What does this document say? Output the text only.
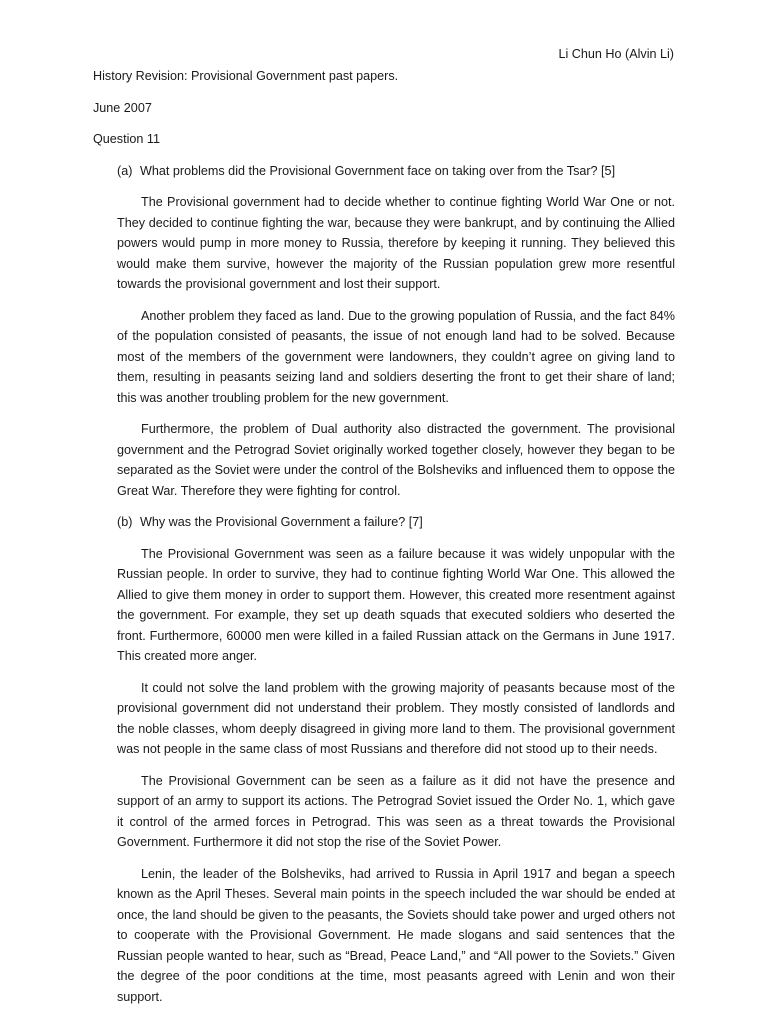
Li Chun Ho (Alvin Li)

History Revision: Provisional Government past papers.

June 2007

Question 11

(a) What problems did the Provisional Government face on taking over from the Tsar? [5]

The Provisional government had to decide whether to continue fighting World War One or not. They decided to continue fighting the war, because they were bankrupt, and by continuing the Allied powers would pump in more money to Russia, therefore by keeping it running. They believed this would make them survive, however the majority of the Russian population grew more resentful towards the provisional government and lost their support.

Another problem they faced as land. Due to the growing population of Russia, and the fact 84% of the population consisted of peasants, the issue of not enough land had to be solved. Because most of the members of the government were landowners, they couldn’t agree on giving land to them, resulting in peasants seizing land and soldiers deserting the front to get their share of land; this was another troubling problem for the new government.

Furthermore, the problem of Dual authority also distracted the government. The provisional government and the Petrograd Soviet originally worked together closely, however they began to be separated as the Soviet were under the control of the Bolsheviks and influenced them to oppose the Great War. Therefore they were fighting for control.

(b) Why was the Provisional Government a failure? [7]

The Provisional Government was seen as a failure because it was widely unpopular with the Russian people. In order to survive, they had to continue fighting World War One. This allowed the Allied to give them money in order to support them. However, this created more resentment against the government. For example, they set up death squads that executed soldiers who deserted the front. Furthermore, 60000 men were killed in a failed Russian attack on the Germans in June 1917. This created more anger.

It could not solve the land problem with the growing majority of peasants because most of the provisional government did not understand their problem. They mostly consisted of landlords and the noble classes, whom deeply disagreed in giving more land to them. The provisional government was not people in the same class of most Russians and therefore did not stood up to their needs.

The Provisional Government can be seen as a failure as it did not have the presence and support of an army to support its actions. The Petrograd Soviet issued the Order No. 1, which gave it control of the armed forces in Petrograd. This was seen as a threat towards the Provisional Government. Furthermore it did not stop the rise of the Soviet Power.

Lenin, the leader of the Bolsheviks, had arrived to Russia in April 1917 and began a speech known as the April Theses. Several main points in the speech included the war should be ended at once, the land should be given to the peasants, the Soviets should take power and urged others not to cooperate with the Provisional Government. He made slogans and said sentences that the Russian people wanted to hear, such as “Bread, Peace Land,” and “All power to the Soviets.” Given the degree of the poor conditions at the time, most peasants agreed with Lenin and won their support.
